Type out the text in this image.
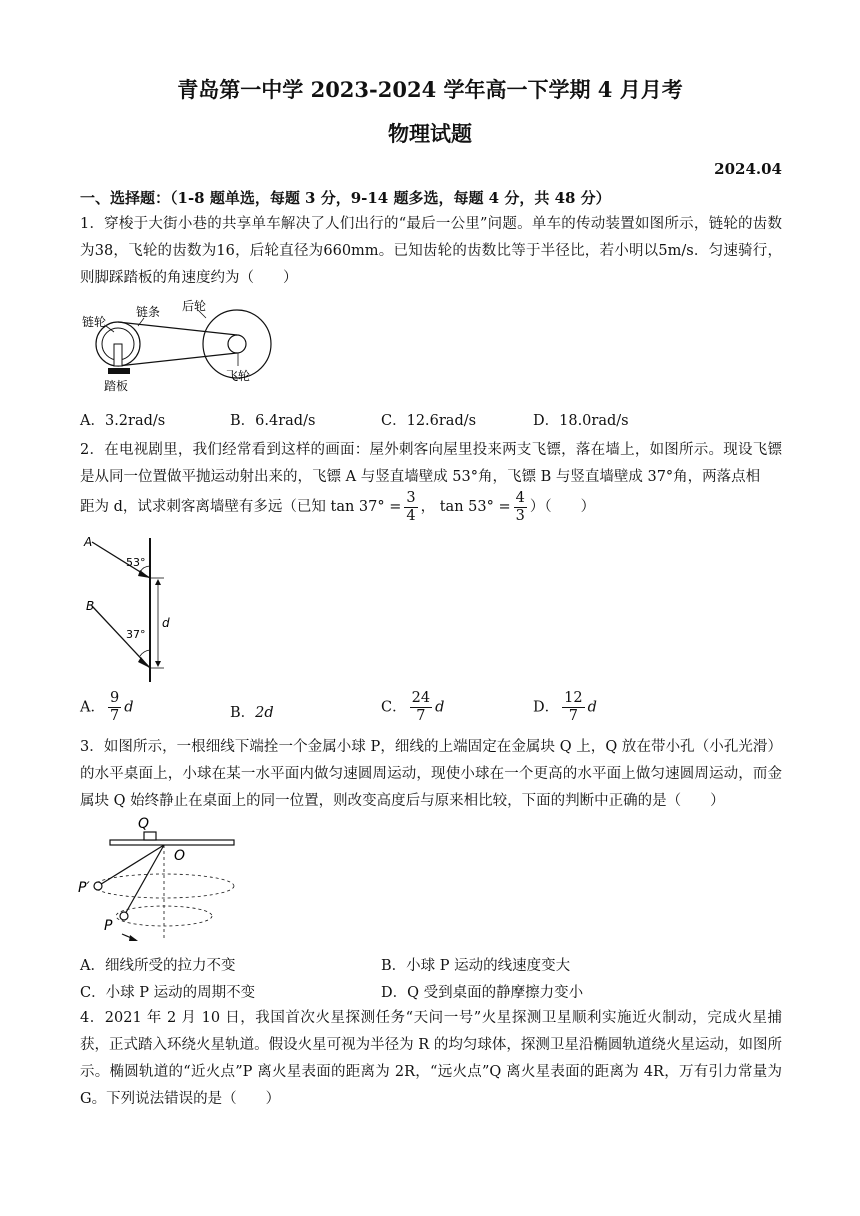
青岛第一中学 2023-2024 学年高一下学期 4 月月考
物理试题
2024.04
一、选择题：（1-8 题单选，每题 3 分，9-14 题多选，每题 4 分，共 48 分）
1．穿梭于大街小巷的共享单车解决了人们出行的“最后一公里”问题。单车的传动装置如图所示，链轮的齿数为38，飞轮的齿数为16，后轮直径为660mm。已知齿轮的齿数比等于半径比，若小明以5m/s．匀速骑行，则脚踩踏板的角速度约为（　　）
链轮
链条 后轮
飞轮
踏板
A．3.2rad/s	B．6.4rad/s	C．12.6rad/s	D．18.0rad/s
2．在电视剧里，我们经常看到这样的画面：屋外刺客向屋里投来两支飞镖，落在墙上，如图所示。现设飞镖是从同一位置做平抛运动射出来的，飞镖 A 与竖直墙壁成 53°角，飞镖 B 与竖直墙壁成 37°角，两落点相
距为 d，试求刺客离墙壁有多远（已知 $\tan 37^\circ = \frac{3}{4}$ ， $\tan 53^\circ = \frac{4}{3}$ ）（　　）
A
B
53°
37°
d
A． $\frac{9}{7}$ d	B．2d	C． $\frac{24}{7}$ d	D． $\frac{12}{7}$ d
3．如图所示，一根细线下端拴一个金属小球 P，细线的上端固定在金属块 Q 上，Q 放在带小孔（小孔光滑）的水平桌面上，小球在某一水平面内做匀速圆周运动，现使小球在一个更高的水平面上做匀速圆周运动，而金属块 Q 始终静止在桌面上的同一位置，则改变高度后与原来相比较，下面的判断中正确的是（　　）
Q
O
P′
P
A．细线所受的拉力不变	B．小球 P 运动的线速度变大
C．小球 P 运动的周期不变	D．Q 受到桌面的静摩擦力变小
4．2021 年 2 月 10 日，我国首次火星探测任务“天问一号”火星探测卫星顺利实施近火制动，完成火星捕获，正式踏入环绕火星轨道。假设火星可视为半径为 R 的均匀球体，探测卫星沿椭圆轨道绕火星运动，如图所示。椭圆轨道的“近火点”P 离火星表面的距离为 2R，“远火点”Q 离火星表面的距离为 4R，万有引力常量为 G。下列说法错误的是（　　）
